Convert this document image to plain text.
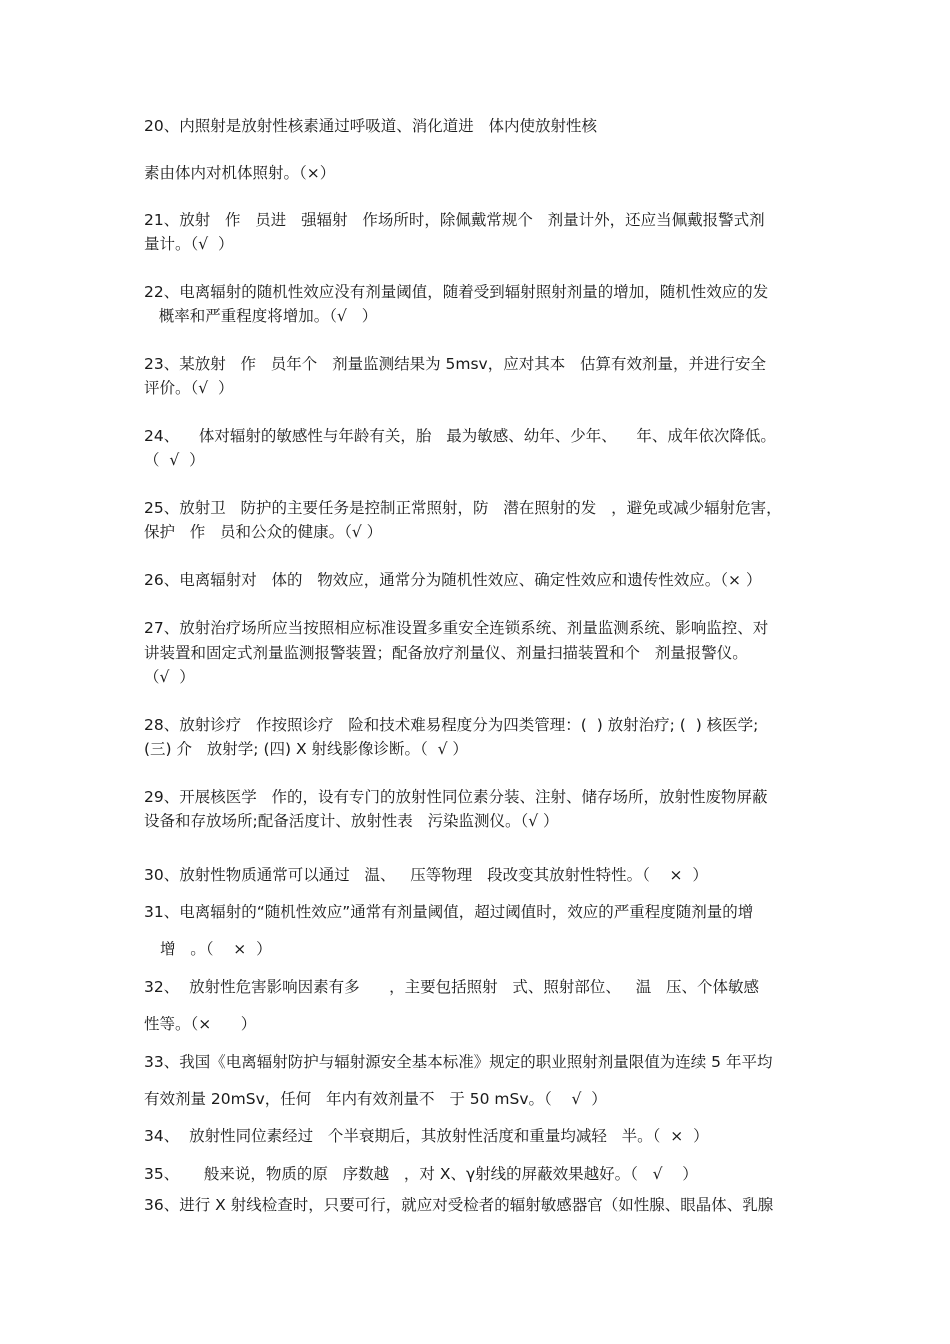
20、内照射是放射性核素通过呼吸道、消化道进   体内使放射性核
素由体内对机体照射。（×）
21、放射   作   员进   强辐射   作场所时，除佩戴常规个   剂量计外，还应当佩戴报警式剂
量计。（√  ）
22、电离辐射的随机性效应没有剂量阈值，随着受到辐射照射剂量的增加，随机性效应的发
概率和严重程度将增加。（√   ）
23、某放射   作   员年个   剂量监测结果为 5msv，应对其本   估算有效剂量，并进行安全
评价。（√  ）
24、    体对辐射的敏感性与年龄有关，胎   最为敏感、幼年、少年、    年、成年依次降低。
（  √  ）
25、放射卫   防护的主要任务是控制正常照射，防   潜在照射的发   ，避免或减少辐射危害，
保护   作   员和公众的健康。（√ ）
26、电离辐射对   体的   物效应，通常分为随机性效应、确定性效应和遗传性效应。（× ）
27、放射治疗场所应当按照相应标准设置多重安全连锁系统、剂量监测系统、影响监控、对
讲装置和固定式剂量监测报警装置；配备放疗剂量仪、剂量扫描装置和个   剂量报警仪。
（√  ）
28、放射诊疗   作按照诊疗   险和技术难易程度分为四类管理：(  ) 放射治疗; (  ) 核医学;
(三) 介   放射学; (四) X 射线影像诊断。（  √ ）
29、开展核医学   作的，设有专门的放射性同位素分装、注射、储存场所，放射性废物屏蔽
设备和存放场所;配备活度计、放射性表   污染监测仪。（√ ）
30、放射性物质通常可以通过   温、   压等物理   段改变其放射性特性。（    ×  ）
31、电离辐射的“随机性效应”通常有剂量阈值，超过阈值时，效应的严重程度随剂量的增
增   。（    ×  ）
32、  放射性危害影响因素有多      ，主要包括照射   式、照射部位、   温   压、个体敏感
性等。（×      ）
33、我国《电离辐射防护与辐射源安全基本标准》规定的职业照射剂量限值为连续 5 年平均
有效剂量 20mSv，任何   年内有效剂量不   于 50 mSv。（    √  ）
34、  放射性同位素经过   个半衰期后，其放射性活度和重量均减轻   半。（  ×  ）
35、     般来说，物质的原   序数越   ，对 X、γ射线的屏蔽效果越好。（   √    ）
36、进行 X 射线检查时，只要可行，就应对受检者的辐射敏感器官（如性腺、眼晶体、乳腺
